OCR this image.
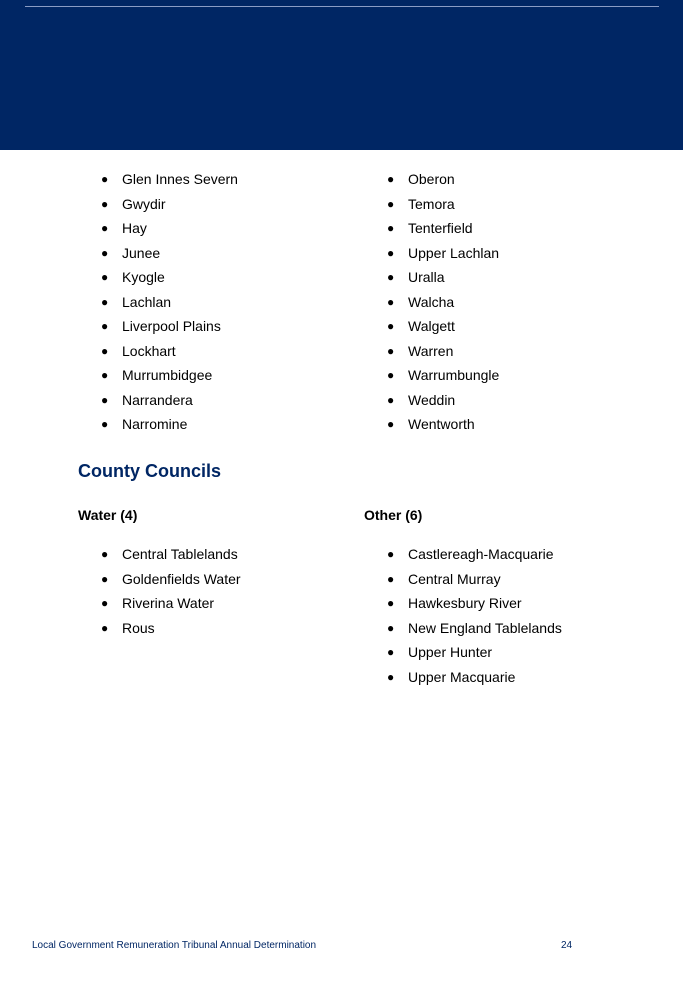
● Glen Innes Severn
● Gwydir
● Hay
● Junee
● Kyogle
● Lachlan
● Liverpool Plains
● Lockhart
● Murrumbidgee
● Narrandera
● Narromine
● Oberon
● Temora
● Tenterfield
● Upper Lachlan
● Uralla
● Walcha
● Walgett
● Warren
● Warrumbungle
● Weddin
● Wentworth
County Councils
Water (4)	Other (6)
● Central Tablelands
● Goldenfields Water
● Riverina Water
● Rous
● Castlereagh-Macquarie
● Central Murray
● Hawkesbury River
● New England Tablelands
● Upper Hunter
● Upper Macquarie
Local Government Remuneration Tribunal Annual Determination	24
